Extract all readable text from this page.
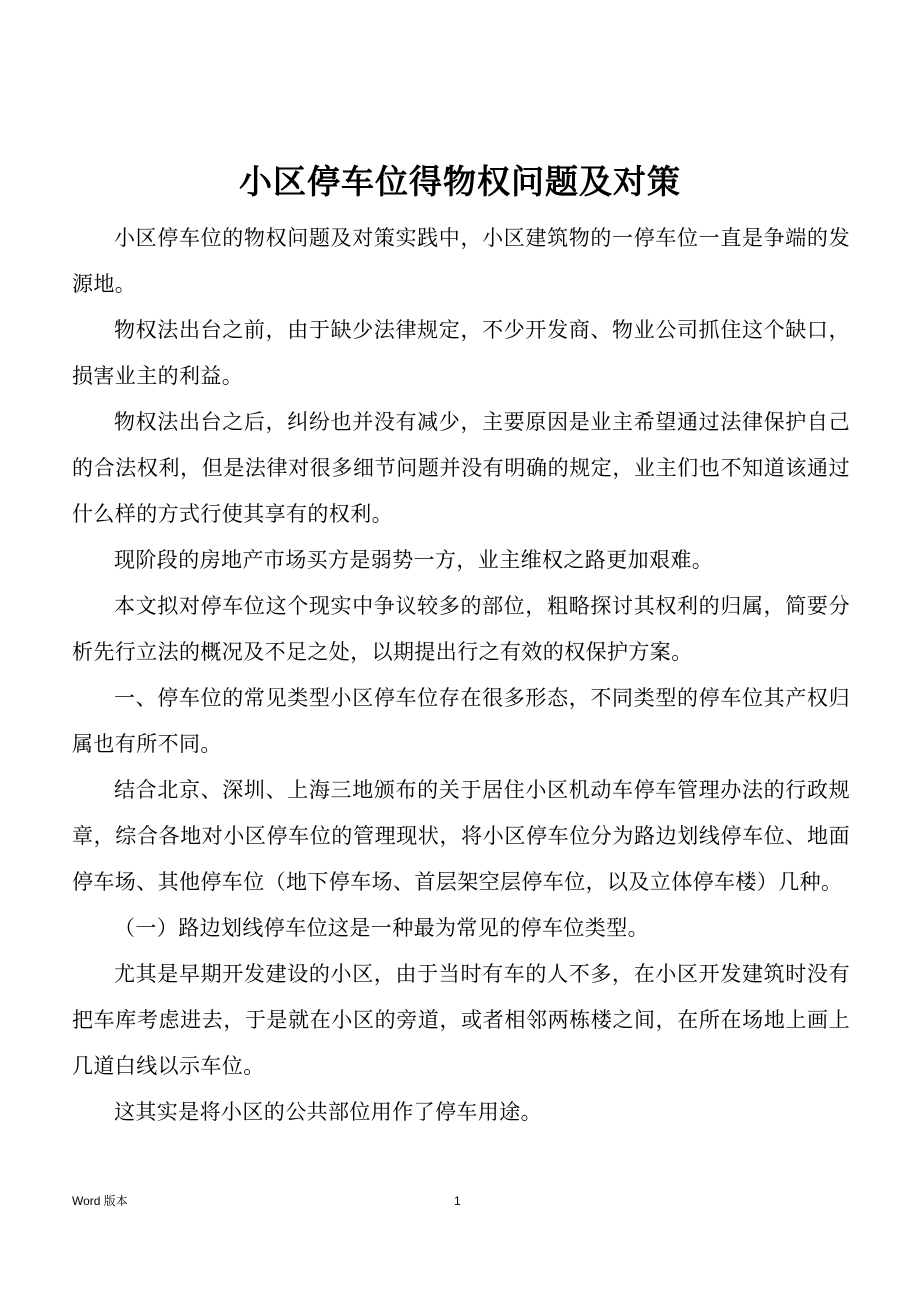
小区停车位得物权问题及对策

小区停车位的物权问题及对策实践中，小区建筑物的一停车位一直是争端的发源地。

物权法出台之前，由于缺少法律规定，不少开发商、物业公司抓住这个缺口，损害业主的利益。

物权法出台之后，纠纷也并没有减少，主要原因是业主希望通过法律保护自己的合法权利，但是法律对很多细节问题并没有明确的规定，业主们也不知道该通过什么样的方式行使其享有的权利。

现阶段的房地产市场买方是弱势一方，业主维权之路更加艰难。

本文拟对停车位这个现实中争议较多的部位，粗略探讨其权利的归属，简要分析先行立法的概况及不足之处，以期提出行之有效的权保护方案。

一、停车位的常见类型小区停车位存在很多形态，不同类型的停车位其产权归属也有所不同。

结合北京、深圳、上海三地颁布的关于居住小区机动车停车管理办法的行政规章，综合各地对小区停车位的管理现状，将小区停车位分为路边划线停车位、地面停车场、其他停车位（地下停车场、首层架空层停车位，以及立体停车楼）几种。

（一）路边划线停车位这是一种最为常见的停车位类型。

尤其是早期开发建设的小区，由于当时有车的人不多，在小区开发建筑时没有把车库考虑进去，于是就在小区的旁道，或者相邻两栋楼之间，在所在场地上画上几道白线以示车位。

这其实是将小区的公共部位用作了停车用途。

Word 版本	1
